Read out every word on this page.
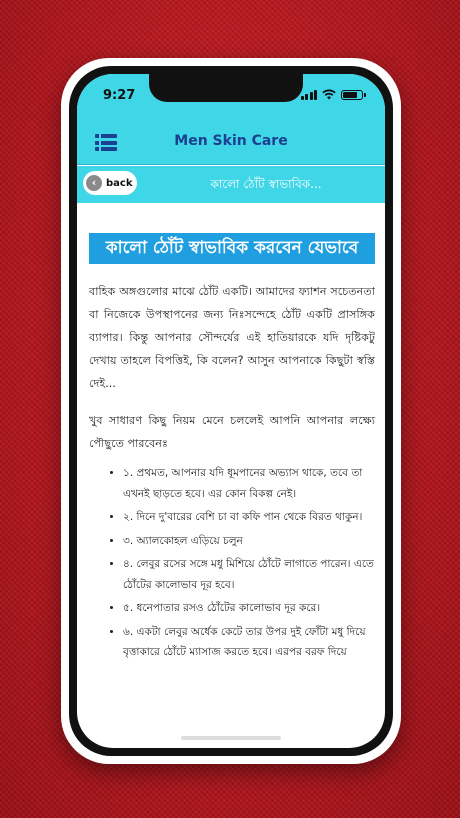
9:27
Men Skin Care
‹ back	কালো ঠোঁট স্বাভাবিক...
কালো ঠোঁট স্বাভাবিক করবেন যেভাবে

বাহিক অঙ্গগুলোর মাঝে ঠোঁট একটি। আমাদের ফ্যাশন সচেতনতা বা নিজেকে উপস্থাপনের জন্য নিঃসন্দেহে ঠোঁট একটি প্রাসঙ্গিক ব্যাপার। কিন্তু আপনার সৌন্দর্যের এই হাতিয়ারকে যদি দৃষ্টিকটু দেখায় তাহলে বিপত্তিই, কি বলেন? আসুন আপনাকে কিছুটা স্বস্তি দেই...

খুব সাধারণ কিছু নিয়ম মেনে চললেই আপনি আপনার লক্ষ্যে পৌছুতে পারবেনঃ

• ১. প্রথমত, আপনার যদি ধূমপানের অভ্যাস থাকে, তবে তা এখনই ছাড়তে হবে। এর কোন বিকল্প নেই।
• ২. দিনে দু'বারের বেশি চা বা কফি পান থেকে বিরত থাকুন।
• ৩. অ্যালকোহল এড়িয়ে চলুন
• ৪. লেবুর রসের সঙ্গে মধু মিশিয়ে ঠোঁটে লাগাতে পারেন। এতে ঠোঁটের কালোভাব দূর হবে।
• ৫. ধনেপাতার রসও ঠোঁটের কালোভাব দূর করে।
• ৬. একটা লেবুর অর্ধেক কেটে তার উপর দুই ফোঁটা মধু দিয়ে বৃত্তাকারে ঠোঁটে ম্যাসাজ করতে হবে। এরপর বরফ দিয়ে
